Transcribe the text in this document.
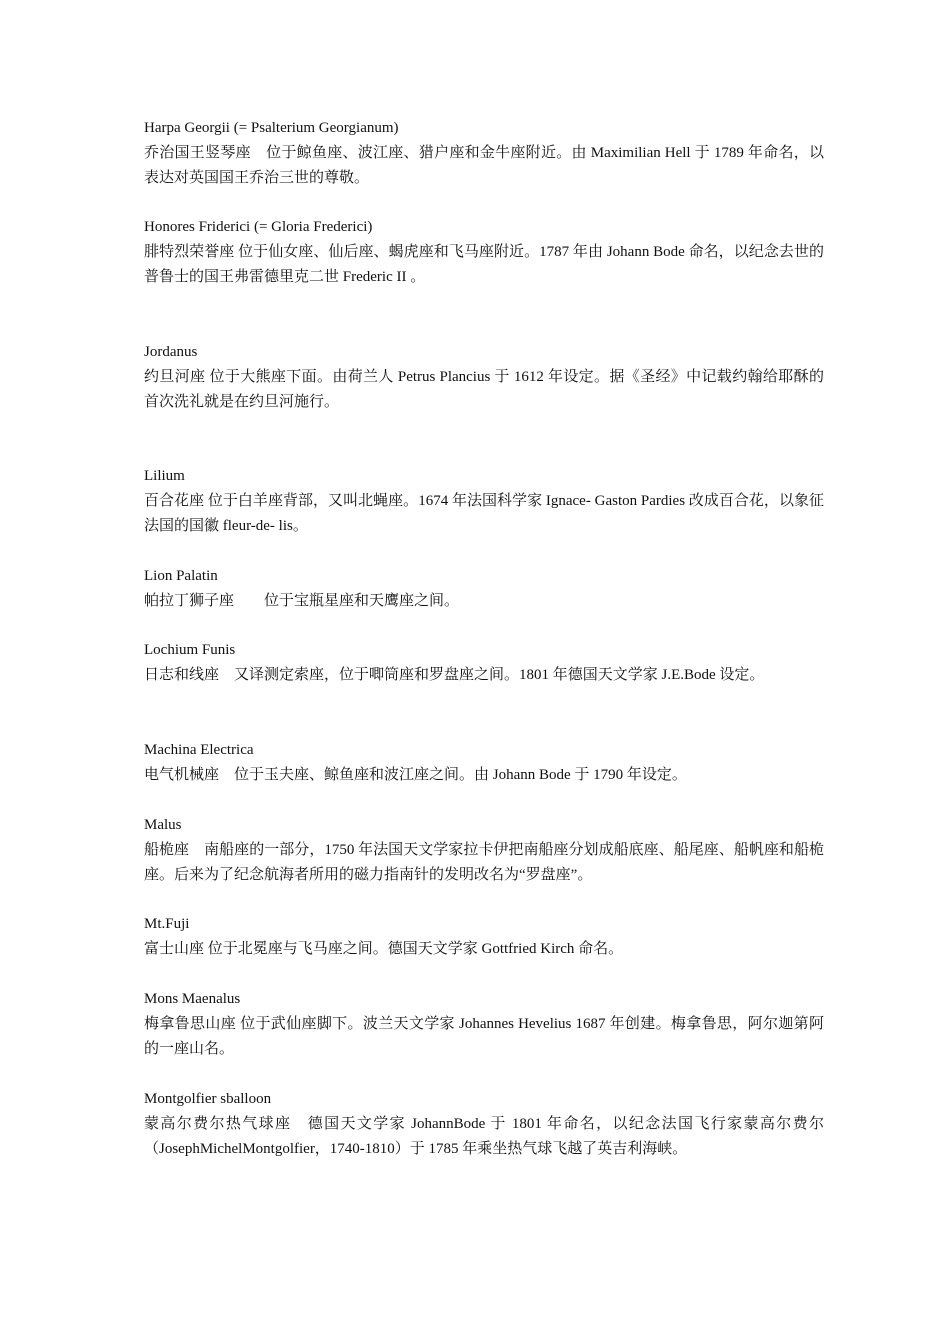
Harpa Georgii (= Psalterium Georgianum)
乔治国王竖琴座　位于鲸鱼座、波江座、猎户座和金牛座附近。由 Maximilian Hell 于 1789 年命名，以表达对英国国王乔治三世的尊敬。
Honores Friderici (= Gloria Frederici)
腓特烈荣誉座 位于仙女座、仙后座、蝎虎座和飞马座附近。1787 年由 Johann Bode 命名，以纪念去世的普鲁士的国王弗雷德里克二世 Frederic II 。
Jordanus
约旦河座 位于大熊座下面。由荷兰人 Petrus Plancius 于 1612 年设定。据《圣经》中记载约翰给耶酥的首次洗礼就是在约旦河施行。
Lilium
百合花座 位于白羊座背部，又叫北蝇座。1674 年法国科学家 Ignace- Gaston Pardies 改成百合花，以象征法国的国徽 fleur-de- lis。
Lion Palatin
帕拉丁狮子座　　位于宝瓶星座和天鹰座之间。
Lochium Funis
日志和线座　又译测定索座，位于唧筒座和罗盘座之间。1801 年德国天文学家 J.E.Bode 设定。
Machina Electrica
电气机械座　位于玉夫座、鲸鱼座和波江座之间。由 Johann Bode 于 1790 年设定。
Malus
船桅座　南船座的一部分，1750 年法国天文学家拉卡伊把南船座分划成船底座、船尾座、船帆座和船桅座。后来为了纪念航海者所用的磁力指南针的发明改名为“罗盘座”。
Mt.Fuji
富士山座 位于北冕座与飞马座之间。德国天文学家 Gottfried Kirch 命名。
Mons Maenalus
梅拿鲁思山座 位于武仙座脚下。波兰天文学家 Johannes Hevelius 1687 年创建。梅拿鲁思，阿尔迦第阿的一座山名。
Montgolfier sballoon
蒙高尔费尔热气球座　德国天文学家 JohannBode 于 1801 年命名，以纪念法国飞行家蒙高尔费尔（JosephMichelMontgolfier，1740-1810）于 1785 年乘坐热气球飞越了英吉利海峡。
